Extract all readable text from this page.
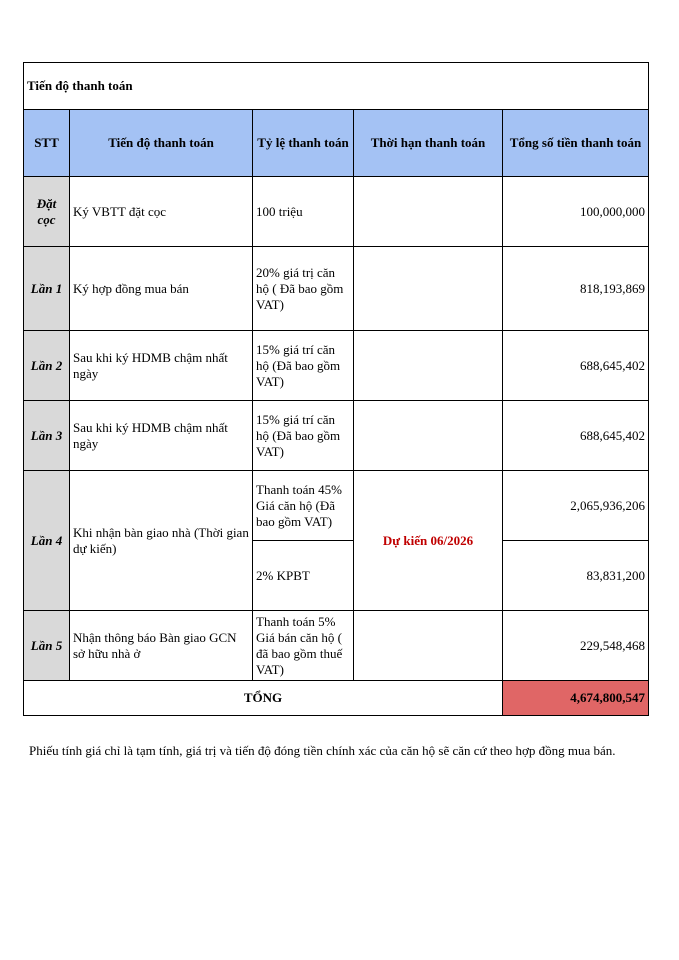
Tiến độ thanh toán				
STT	Tiến độ thanh toán	Tỷ lệ thanh toán	Thời hạn thanh toán	Tổng số tiền thanh toán
Đặt cọc	Ký VBTT đặt cọc	100 triệu		100,000,000
Lần 1	Ký hợp đồng mua bán	20% giá trị căn hộ ( Đã bao gồm VAT)		818,193,869
Lần 2	Sau khi ký HDMB chậm nhất ngày	15% giá trí căn hộ (Đã bao gồm VAT)		688,645,402
Lần 3	Sau khi ký HDMB chậm nhất ngày	15% giá trí căn hộ (Đã bao gồm VAT)		688,645,402
Lần 4	Khi nhận bàn giao nhà (Thời gian dự kiến)	Thanh toán 45% Giá căn hộ (Đã bao gồm VAT)	Dự kiến 06/2026	2,065,936,206
		2% KPBT		83,831,200
Lần 5	Nhận thông báo Bàn giao GCN sở hữu nhà ở	Thanh toán 5% Giá bán căn hộ ( đã bao gồm thuế VAT)		229,548,468
TỔNG				4,674,800,547
Phiếu tính giá chỉ là tạm tính, giá trị và tiến độ đóng tiền chính xác của căn hộ sẽ căn cứ theo hợp đồng mua bán.
